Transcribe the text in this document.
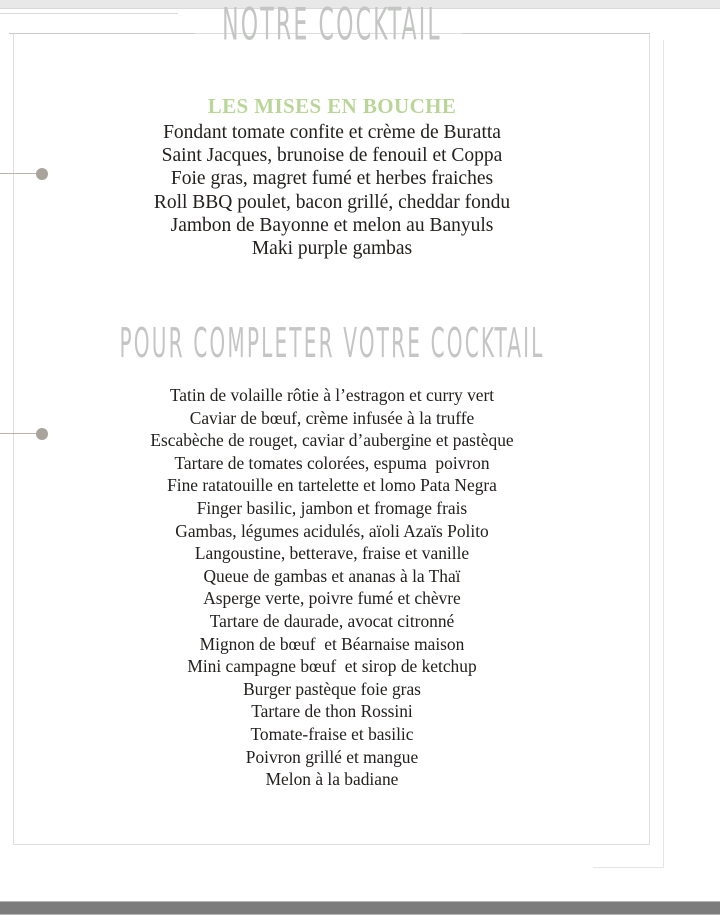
NOTRE COCKTAIL
LES MISES EN BOUCHE
Fondant tomate confite et crème de Buratta
Saint Jacques, brunoise de fenouil et Coppa
Foie gras, magret fumé et herbes fraiches
Roll BBQ poulet, bacon grillé, cheddar fondu
Jambon de Bayonne et melon au Banyuls
Maki purple gambas
POUR COMPLETER VOTRE COCKTAIL
Tatin de volaille rôtie à l’estragon et curry vert
Caviar de bœuf, crème infusée à la truffe
Escabèche de rouget, caviar d’aubergine et pastèque
Tartare de tomates colorées, espuma  poivron
Fine ratatouille en tartelette et lomo Pata Negra
Finger basilic, jambon et fromage frais
Gambas, légumes acidulés, aïoli Azaïs Polito
Langoustine, betterave, fraise et vanille
Queue de gambas et ananas à la Thaï
Asperge verte, poivre fumé et chèvre
Tartare de daurade, avocat citronné
Mignon de bœuf  et Béarnaise maison
Mini campagne bœuf  et sirop de ketchup
Burger pastèque foie gras
Tartare de thon Rossini
Tomate-fraise et basilic
Poivron grillé et mangue
Melon à la badiane
